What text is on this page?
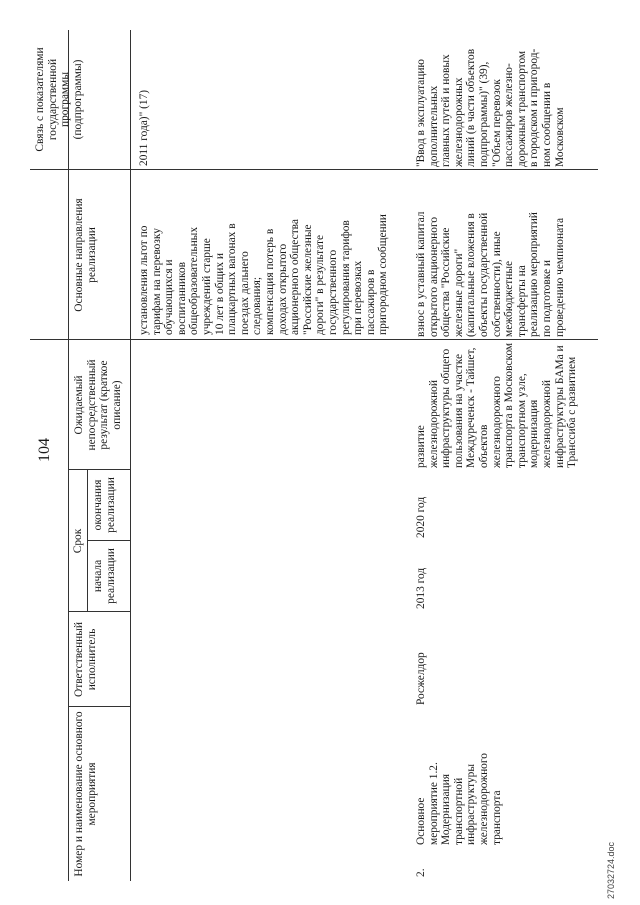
104
Номер и наименование основного мероприятия
Ответственный исполнитель
Срок
начала реализации
окончания реализации
Ожидаемый непосредственный результат (краткое описание)
Основные направления реализации
Связь с показателями государственной программы (подпрограммы)
установления льгот по
тарифам на перевозку
обучающихся и
воспитанников
общеобразовательных
учреждений старше
10 лет в общих и
плацкартных вагонах в
поездах дальнего
следования;
компенсация потерь в
доходах открытого
акционерного общества
"Российские железные
дороги" в результате
государственного
регулирования тарифов
при перевозках
пассажиров в
пригородном сообщении
2011 года)" (17)
2.
Основное
мероприятие 1.2.
Модернизация
транспортной
инфраструктуры
железнодорожного
транспорта
Росжелдор
2013 год
2020 год
развитие железнодорожной
инфраструктуры общего
пользования на участке
Междуреченск - Тайшет,
объектов
железнодорожного
транспорта в Московском
транспортном узле,
модернизация
железнодорожной
инфраструктуры БАМа и
Транссиба с развитием
взнос в уставный капитал
открытого акционерного
общества "Российские
железные дороги"
(капитальные вложения в
объекты государственной
собственности), иные
межбюджетные
трансферты на
реализацию мероприятий
по подготовке и
проведению чемпионата
"Ввод в эксплуатацию
дополнительных
главных путей и новых
железнодорожных
линий (в части объектов
подпрограммы)" (39),
"Объем перевозок
пассажиров железно-
дорожным транспортом
в городском и пригород-
ном сообщении в
Московском
27032724.doc
